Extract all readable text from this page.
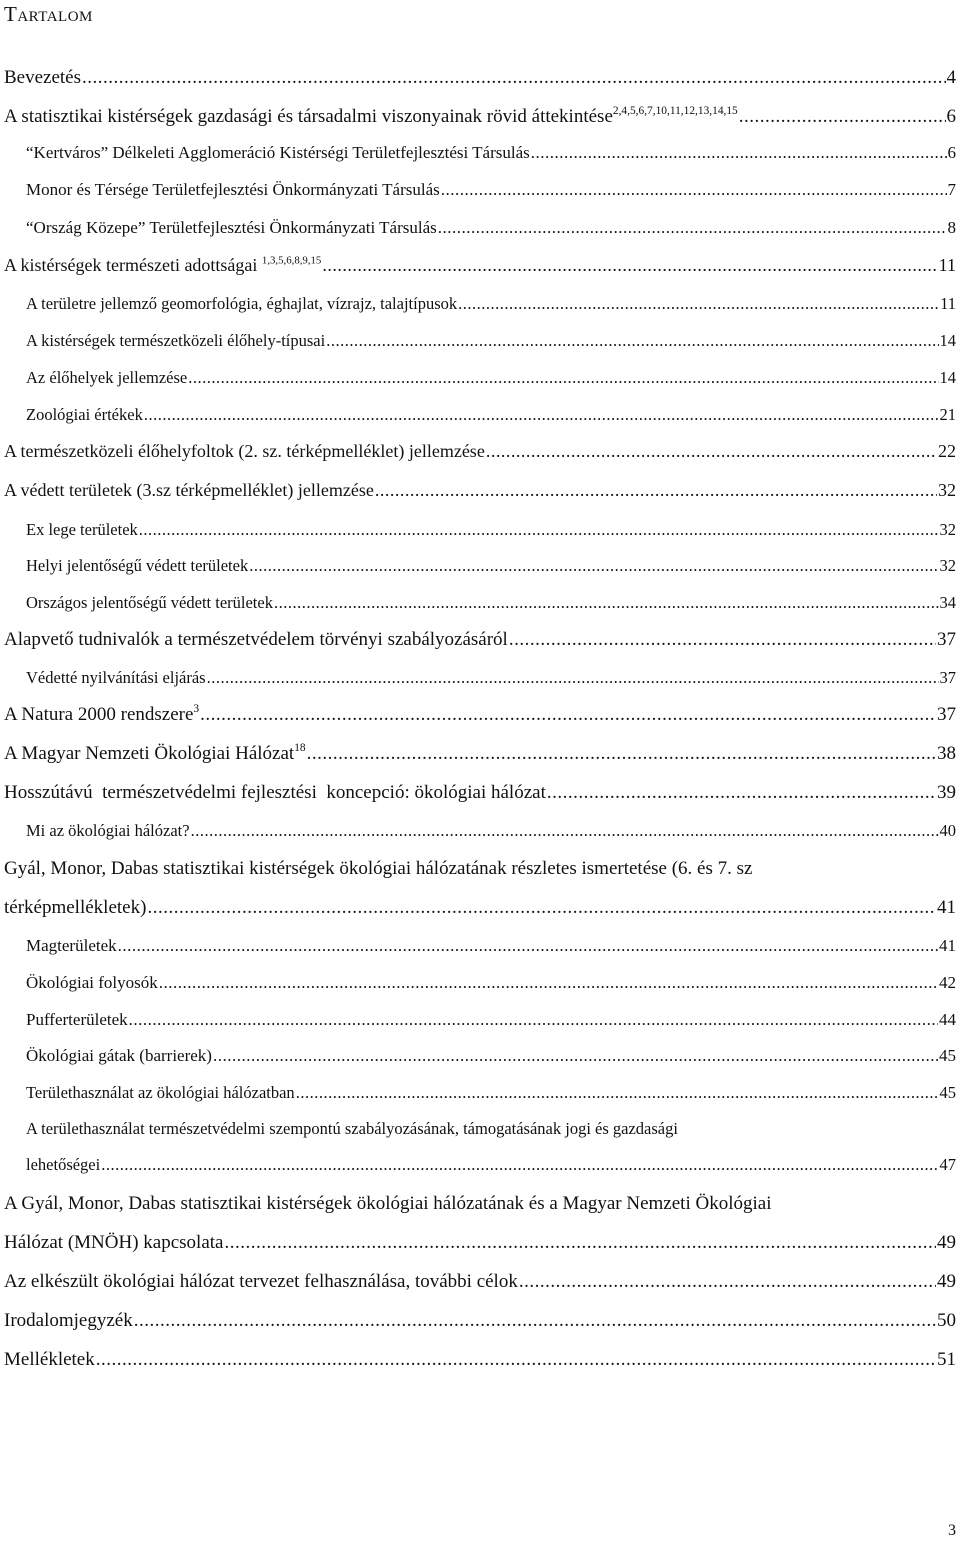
Tartalom
Bevezetés .....	4
A statisztikai kistérségek gazdasági és társadalmi viszonyainak rövid áttekintése$^{2,4,5,6,7,10,11,12,13,14,15}$ .....	6
“Kertváros” Délkeleti Agglomeráció Kistérségi Területfejlesztési Társulás .....	6
Monor és Térsége Területfejlesztési Önkormányzati Társulás .....	7
“Ország Közepe” Területfejlesztési Önkormányzati Társulás .....	8
A kistérségek természeti adottságai $^{1,3,5,6,8,9,15}$ .....	11
A területre jellemző geomorfológia, éghajlat, vízrajz, talajtípusok .....	11
A kistérségek természetközeli élőhely-típusai .....	14
Az élőhelyek jellemzése .....	14
Zoológiai értékek .....	21
A természetközeli élőhelyfoltok (2. sz. térképmelléklet) jellemzése .....	22
A védett területek (3.sz térképmelléklet) jellemzése .....	32
Ex lege területek .....	32
Helyi jelentőségű védett területek .....	32
Országos jelentőségű védett területek .....	34
Alapvető tudnivalók a természetvédelem törvényi szabályozásáról .....	37
Védetté nyilvánítási eljárás .....	37
A Natura 2000 rendszere$^3$ .....	37
A Magyar Nemzeti Ökológiai Hálózat$^{18}$ .....	38
Hosszútávú  természetvédelmi fejlesztési  koncepció: ökológiai hálózat .....	39
Mi az ökológiai hálózat? .....	40
Gyál, Monor, Dabas statisztikai kistérségek ökológiai hálózatának részletes ismertetése (6. és 7. sz
térképmellékletek) .....	41
Magterületek .....	41
Ökológiai folyosók .....	42
Pufferterületek .....	44
Ökológiai gátak (barrierek) .....	45
Területhasználat az ökológiai hálózatban .....	45
A területhasználat természetvédelmi szempontú szabályozásának, támogatásának jogi és gazdasági
lehetőségei .....	47
A Gyál, Monor, Dabas statisztikai kistérségek ökológiai hálózatának és a Magyar Nemzeti Ökológiai
Hálózat (MNÖH) kapcsolata .....	49
Az elkészült ökológiai hálózat tervezet felhasználása, további célok .....	49
Irodalomjegyzék .....	50
Mellékletek .....	51
3
